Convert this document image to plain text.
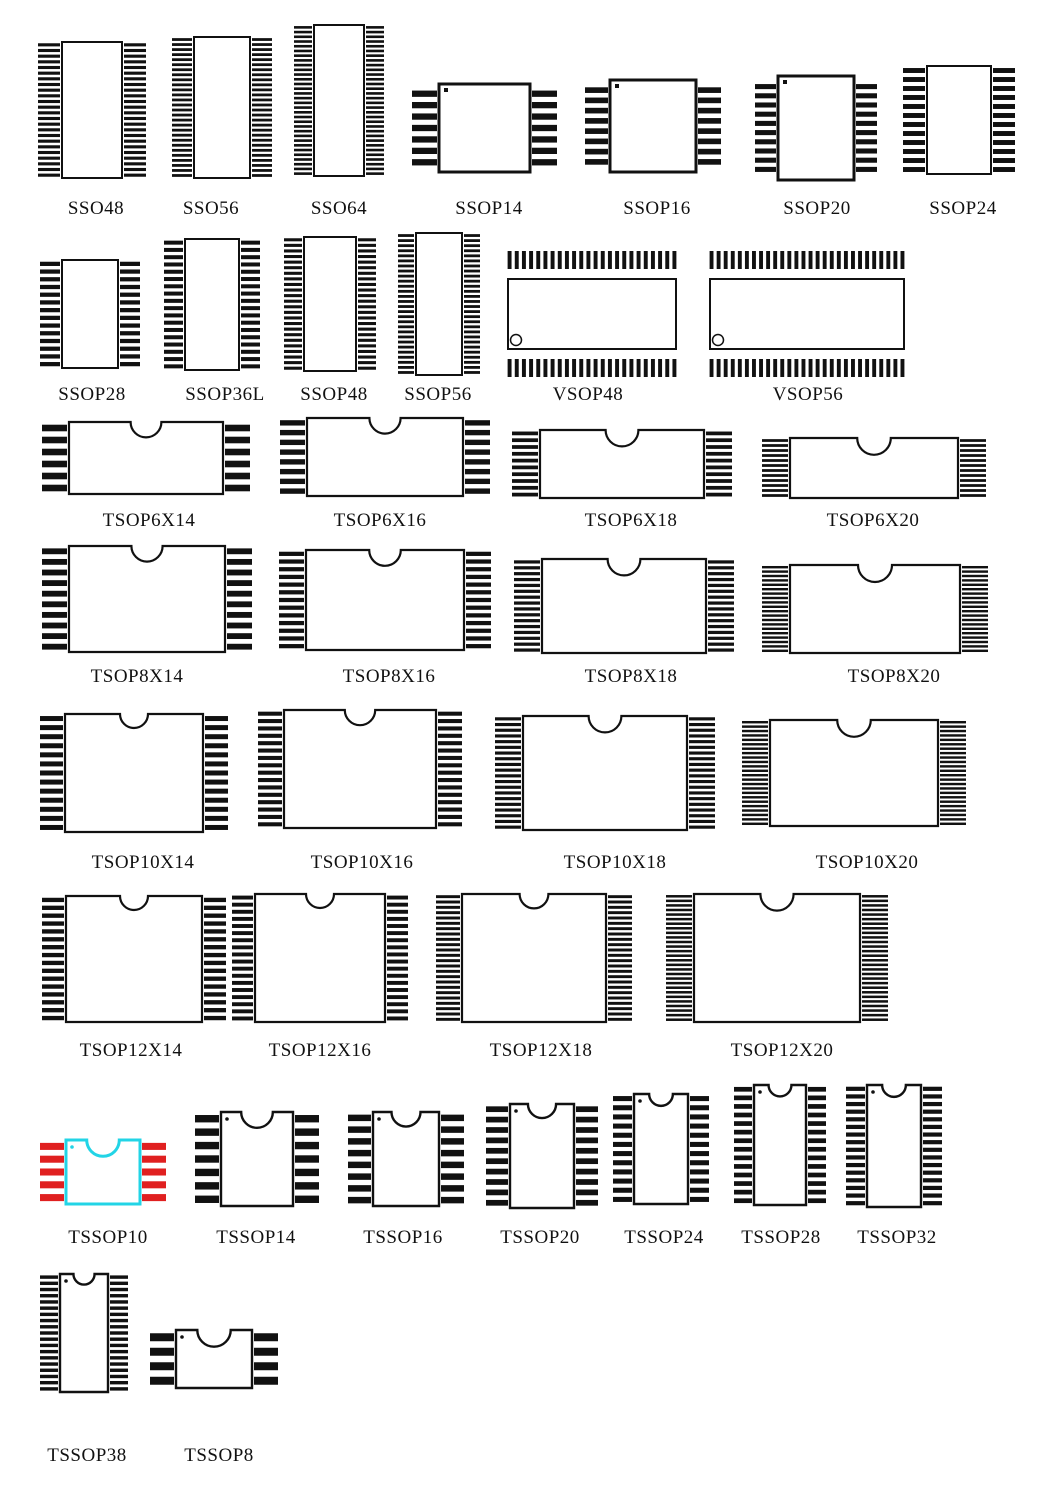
SSO48	SSO56	SSO64	SSOP14	SSOP16	SSOP20	SSOP24
SSOP28	SSOP36L SSOP48 SSOP56	VSOP48	VSOP56
TSOP6X14	TSOP6X16	TSOP6X18	TSOP6X20
TSOP8X14	TSOP8X16	TSOP8X18	TSOP8X20
TSOP10X14	TSOP10X16	TSOP10X18	TSOP10X20
TSOP12X14	TSOP12X16	TSOP12X18	TSOP12X20
TSSOP10	TSSOP14	TSSOP16	TSSOP20 TSSOP24 TSSOP28 TSSOP32
TSSOP38	TSSOP8
